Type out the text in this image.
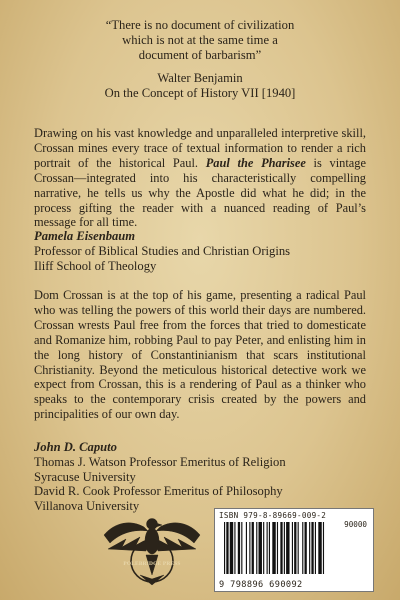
“There is no document of civilization

which is not at the same time a

document of barbarism”

Walter Benjamin

On the Concept of History VII [1940]

Drawing on his vast knowledge and unparalleled interpretive skill, Crossan mines every trace of textual information to render a rich portrait of the historical Paul. Paul the Pharisee is vintage Crossan—integrated into his characteristically compelling narrative, he tells us why the Apostle did what he did; in the process gifting the reader with a nuanced reading of Paul’s message for all time.

Pamela Eisenbaum
Professor of Biblical Studies and Christian Origins
Iliff School of Theology

Dom Crossan is at the top of his game, presenting a radical Paul who was telling the powers of this world their days are numbered. Crossan wrests Paul free from the forces that tried to domesticate and Romanize him, robbing Paul to pay Peter, and enlisting him in the long history of Constantinianism that scars institutional Christianity. Beyond the meticulous historical detective work we expect from Crossan, this is a rendering of Paul as a thinker who speaks to the contemporary crisis created by the powers and principalities of our own day.

John D. Caputo
Thomas J. Watson Professor Emeritus of Religion
Syracuse University
David R. Cook Professor Emeritus of Philosophy
Villanova University
POLEBRIDGE PRESS
ISBN 979-8-89669-009-2
90000
9 798896 690092
